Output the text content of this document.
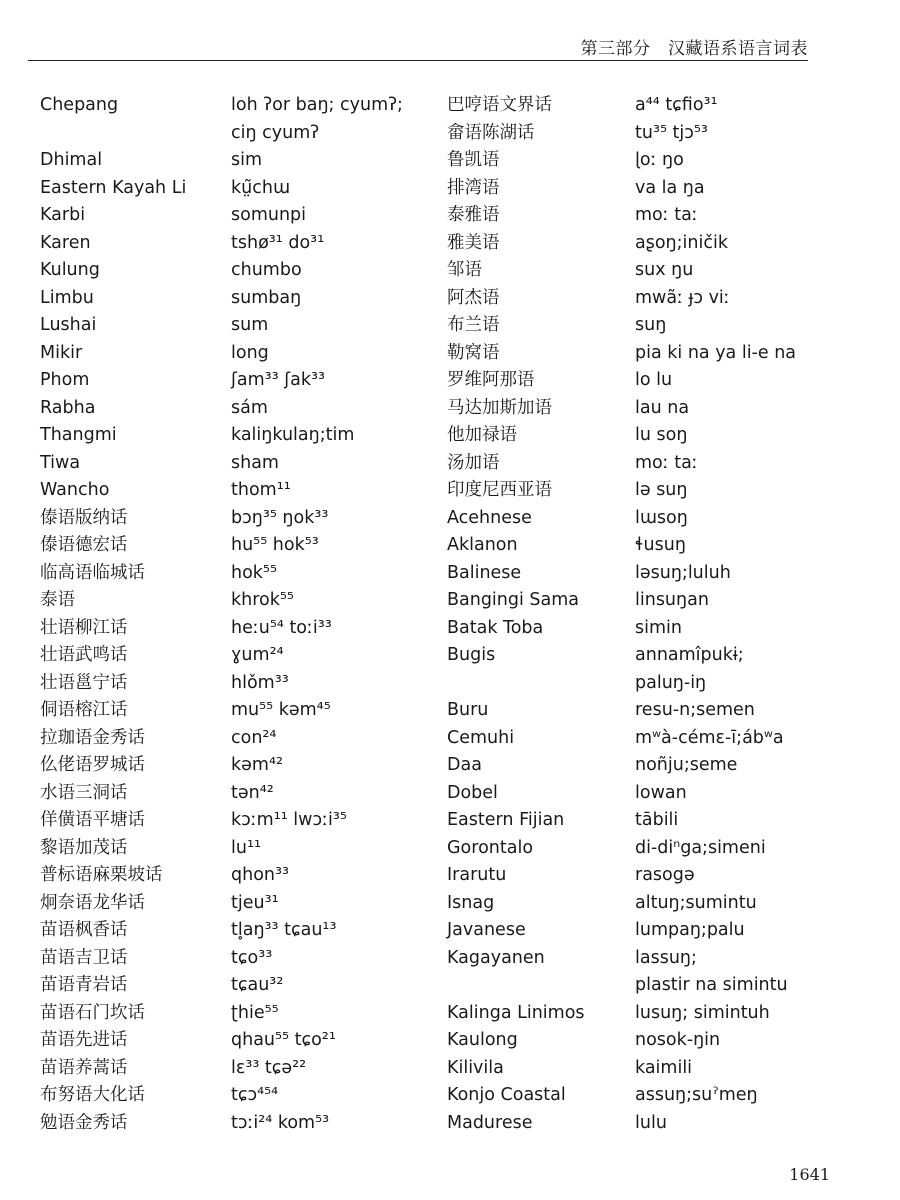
第三部分　汉藏语系语言词表
Chepang
Dhimal
Eastern Kayah Li
Karbi
Karen
Kulung
Limbu
Lushai
Mikir
Phom
Rabha
Thangmi
Tiwa
Wancho
傣语版纳话
傣语德宏话
临高语临城话
泰语
壮语柳江话
壮语武鸣话
壮语邕宁话
侗语榕江话
拉珈语金秀话
仫佬语罗城话
水语三洞话
佯僙语平塘话
黎语加茂话
普标语麻栗坡话
炯奈语龙华话
苗语枫香话
苗语吉卫话
苗语青岩话
苗语石门坎话
苗语先进话
苗语养蒿话
布努语大化话
勉语金秀话
loh ʔor baŋ; cyumʔ;
ciŋ cyumʔ
sim
kṳ̃chɯ
somunpi
tshø³¹ do³¹
chumbo
sumbaŋ
sum
long
ʃam³³ ʃak³³
sám
kaliŋkulaŋ;tim
sham
thom¹¹
bɔŋ³⁵ ŋok³³
hu⁵⁵ hok⁵³
hok⁵⁵
khrok⁵⁵
heːu⁵⁴ toːi³³
ɣum²⁴
hlǒm³³
mu⁵⁵ kəm⁴⁵
con²⁴
kəm⁴²
tən⁴²
kɔːm¹¹ lwɔːi³⁵
lu¹¹
qhon³³
tjeu³¹
tl̥aŋ³³ tɕau¹³
tɕo³³
tɕau³²
ʈhie⁵⁵
qhau⁵⁵ tɕo²¹
lɛ³³ tɕə²²
tɕɔ⁴⁵⁴
tɔːi²⁴ kom⁵³
巴哼语文界话
畲语陈湖话
鲁凯语
排湾语
泰雅语
雅美语
邹语
阿杰语
布兰语
勒窝语
罗维阿那语
马达加斯加语
他加禄语
汤加语
印度尼西亚语
Acehnese
Aklanon
Balinese
Bangingi Sama
Batak Toba
Bugis
Buru
Cemuhi
Daa
Dobel
Eastern Fijian
Gorontalo
Irarutu
Isnag
Javanese
Kagayanen
Kalinga Linimos
Kaulong
Kilivila
Konjo Coastal
Madurese
a⁴⁴ tɕfio³¹
tu³⁵ tjɔ⁵³
ɭoː ŋo
va la ŋa
moː taː
aʂoŋ;iničik
sux ŋu
mwãː ɟɔ viː
suŋ
pia ki na ya li-e na
lo lu
lau na
lu soŋ
moː taː
lə suŋ
lɯsoŋ
ɬusuŋ
ləsuŋ;luluh
linsuŋan
simin
annamîpukɨ;
paluŋ-iŋ
resu-n;semen
mʷà-cémɛ-ī;ábʷa
noñju;seme
lowan
tābili
di-diⁿga;simeni
rasogə
altuŋ;sumintu
lumpaŋ;palu
lassuŋ;
plastir na simintu
lusuŋ; simintuh
nosok-ŋin
kaimili
assuŋ;suˀmeŋ
lulu
1641
